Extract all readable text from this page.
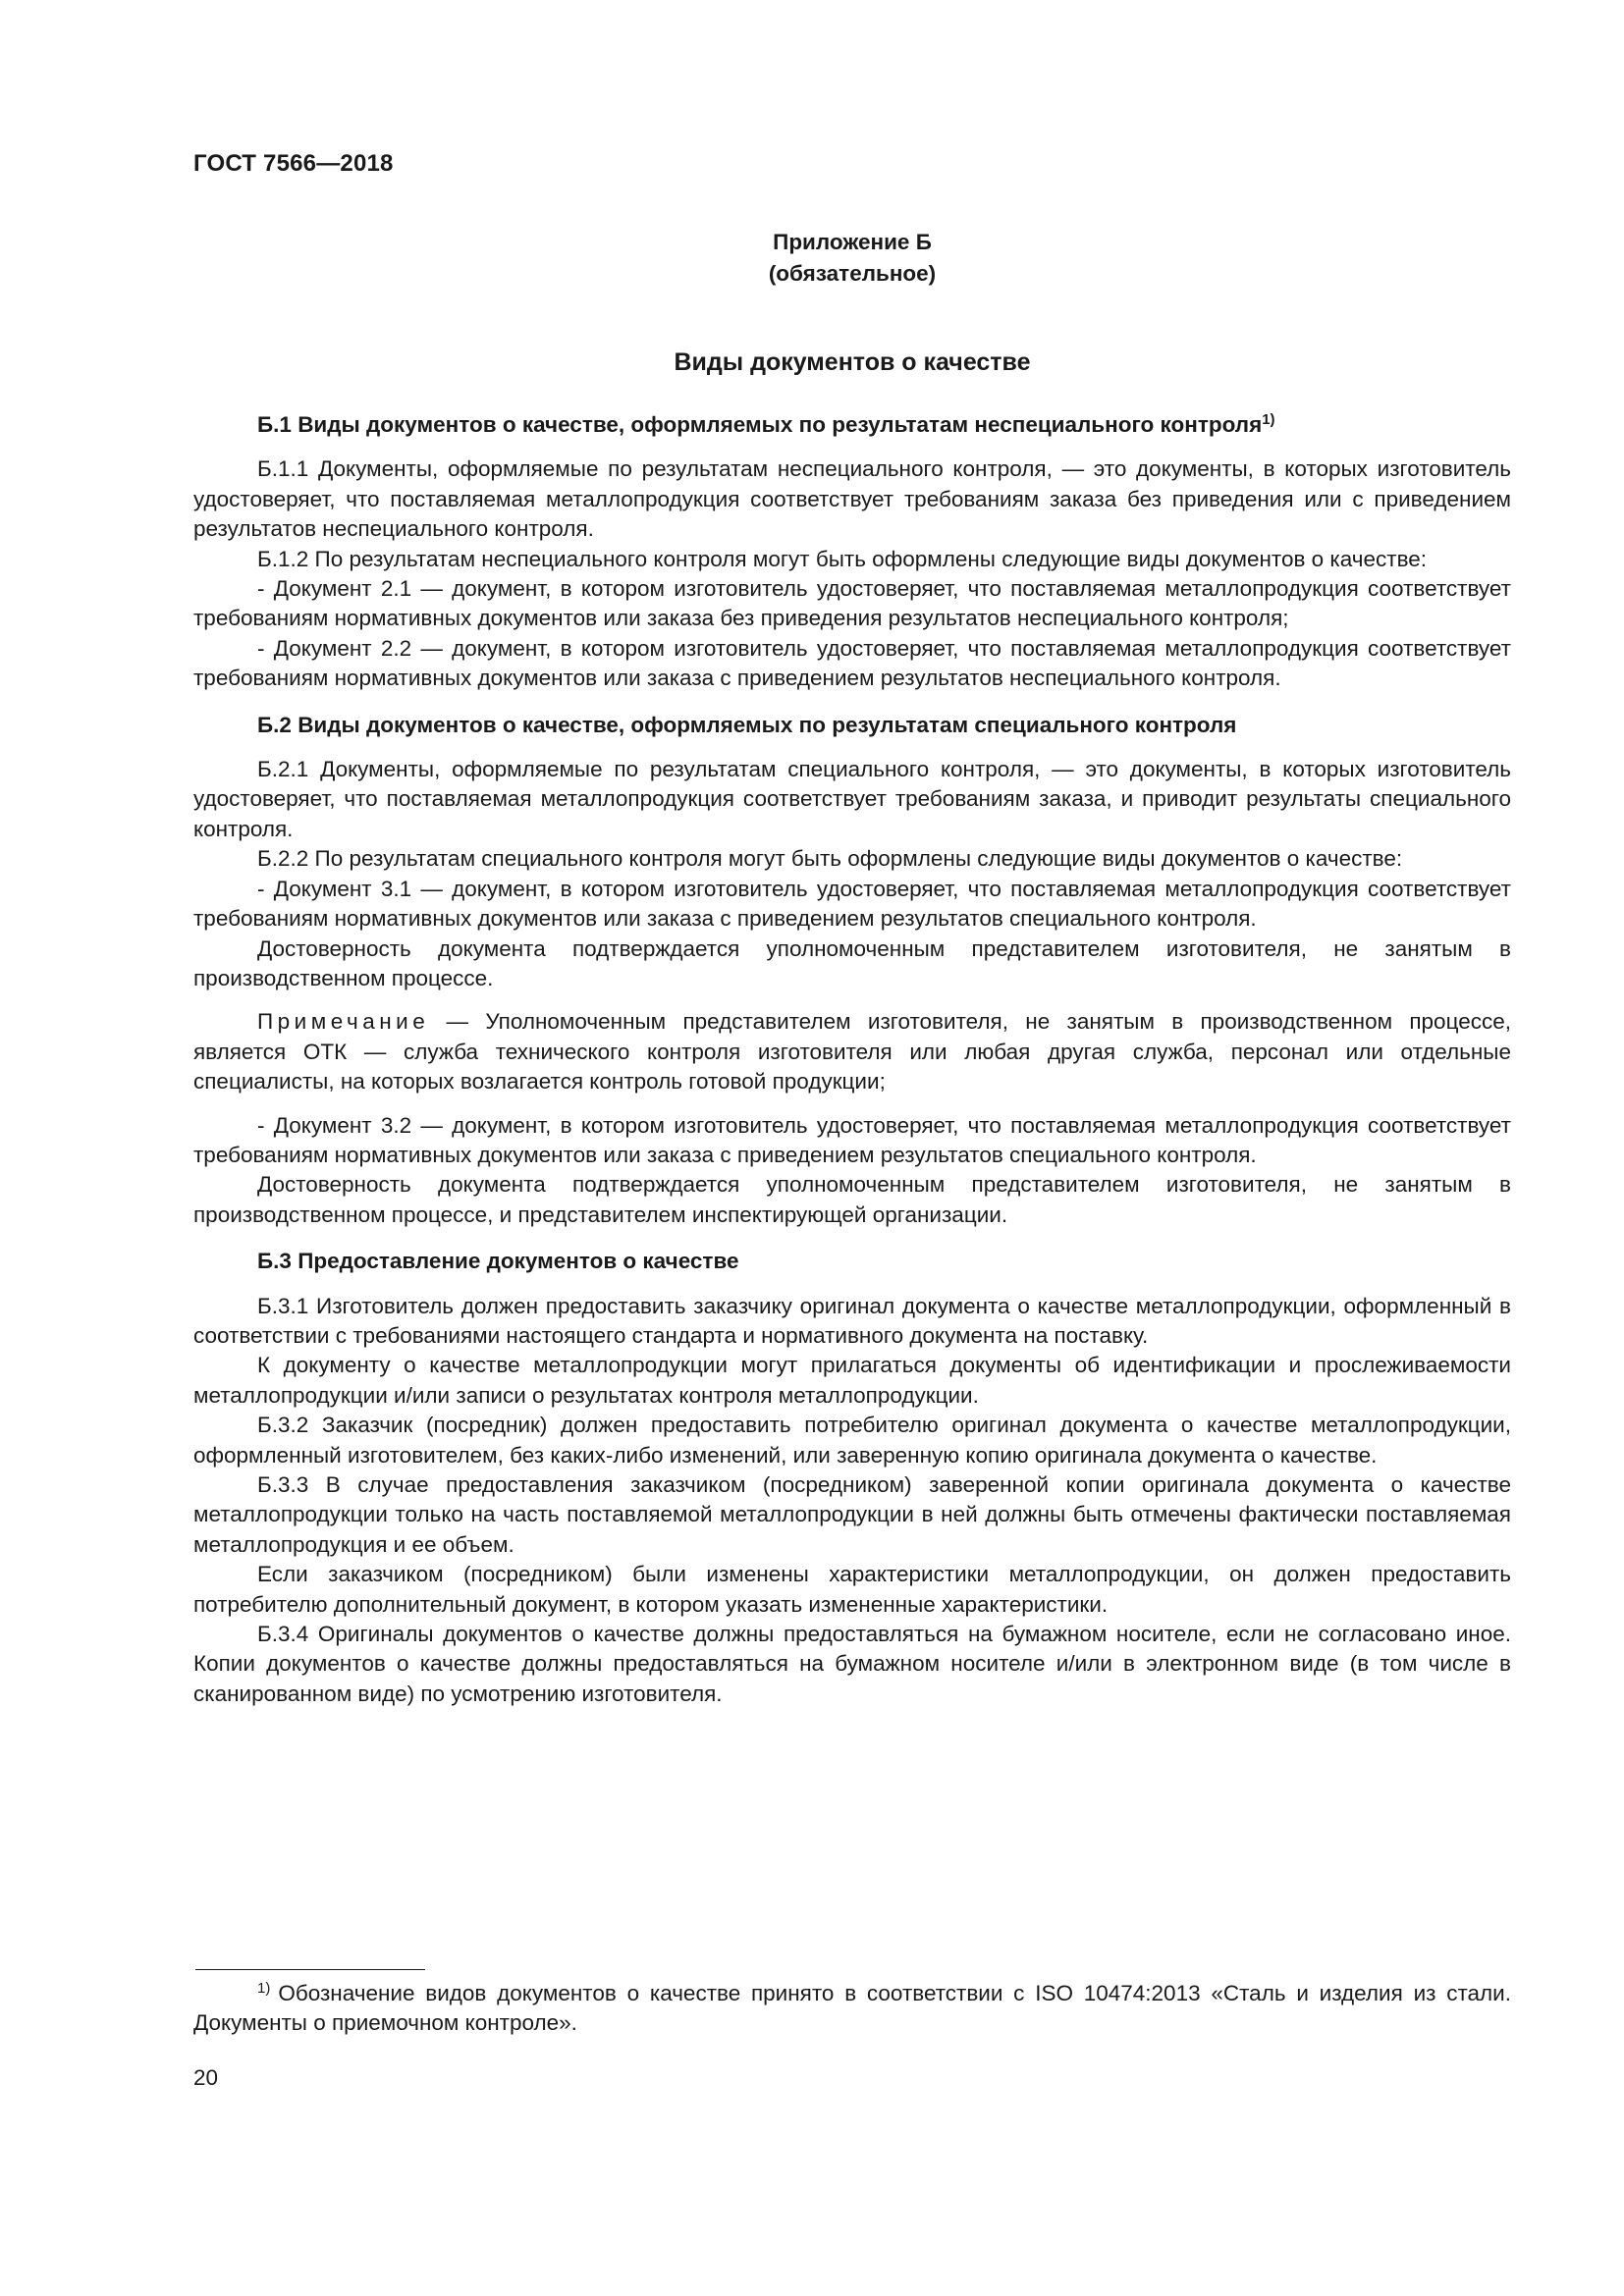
ГОСТ 7566—2018
Приложение Б
(обязательное)
Виды документов о качестве

Б.1 Виды документов о качестве, оформляемых по результатам неспециального контроля$^{1)}$

Б.1.1 Документы, оформляемые по результатам неспециального контроля, — это документы, в которых изготовитель удостоверяет, что поставляемая металлопродукция соответствует требованиям заказа без приведения или с приведением результатов неспециального контроля.

Б.1.2 По результатам неспециального контроля могут быть оформлены следующие виды документов о качестве:

- Документ 2.1 — документ, в котором изготовитель удостоверяет, что поставляемая металлопродукция соответствует требованиям нормативных документов или заказа без приведения результатов неспециального контроля;

- Документ 2.2 — документ, в котором изготовитель удостоверяет, что поставляемая металлопродукция соответствует требованиям нормативных документов или заказа с приведением результатов неспециального контроля.

Б.2 Виды документов о качестве, оформляемых по результатам специального контроля

Б.2.1 Документы, оформляемые по результатам специального контроля, — это документы, в которых изготовитель удостоверяет, что поставляемая металлопродукция соответствует требованиям заказа, и приводит результаты специального контроля.

Б.2.2 По результатам специального контроля могут быть оформлены следующие виды документов о качестве:

- Документ 3.1 — документ, в котором изготовитель удостоверяет, что поставляемая металлопродукция соответствует требованиям нормативных документов или заказа с приведением результатов специального контроля.

Достоверность документа подтверждается уполномоченным представителем изготовителя, не занятым в производственном процессе.

Примечание — Уполномоченным представителем изготовителя, не занятым в производственном процессе, является ОТК — служба технического контроля изготовителя или любая другая служба, персонал или отдельные специалисты, на которых возлагается контроль готовой продукции;

- Документ 3.2 — документ, в котором изготовитель удостоверяет, что поставляемая металлопродукция соответствует требованиям нормативных документов или заказа с приведением результатов специального контроля.

Достоверность документа подтверждается уполномоченным представителем изготовителя, не занятым в производственном процессе, и представителем инспектирующей организации.

Б.3 Предоставление документов о качестве

Б.3.1 Изготовитель должен предоставить заказчику оригинал документа о качестве металлопродукции, оформленный в соответствии с требованиями настоящего стандарта и нормативного документа на поставку.

К документу о качестве металлопродукции могут прилагаться документы об идентификации и прослеживаемости металлопродукции и/или записи о результатах контроля металлопродукции.

Б.3.2 Заказчик (посредник) должен предоставить потребителю оригинал документа о качестве металлопродукции, оформленный изготовителем, без каких-либо изменений, или заверенную копию оригинала документа о качестве.

Б.3.3 В случае предоставления заказчиком (посредником) заверенной копии оригинала документа о качестве металлопродукции только на часть поставляемой металлопродукции в ней должны быть отмечены фактически поставляемая металлопродукция и ее объем.

Если заказчиком (посредником) были изменены характеристики металлопродукции, он должен предоставить потребителю дополнительный документ, в котором указать измененные характеристики.

Б.3.4 Оригиналы документов о качестве должны предоставляться на бумажном носителе, если не согласовано иное. Копии документов о качестве должны предоставляться на бумажном носителе и/или в электронном виде (в том числе в сканированном виде) по усмотрению изготовителя.

$^{1)}$ Обозначение видов документов о качестве принято в соответствии с ISO 10474:2013 «Сталь и изделия из стали. Документы о приемочном контроле».

20
